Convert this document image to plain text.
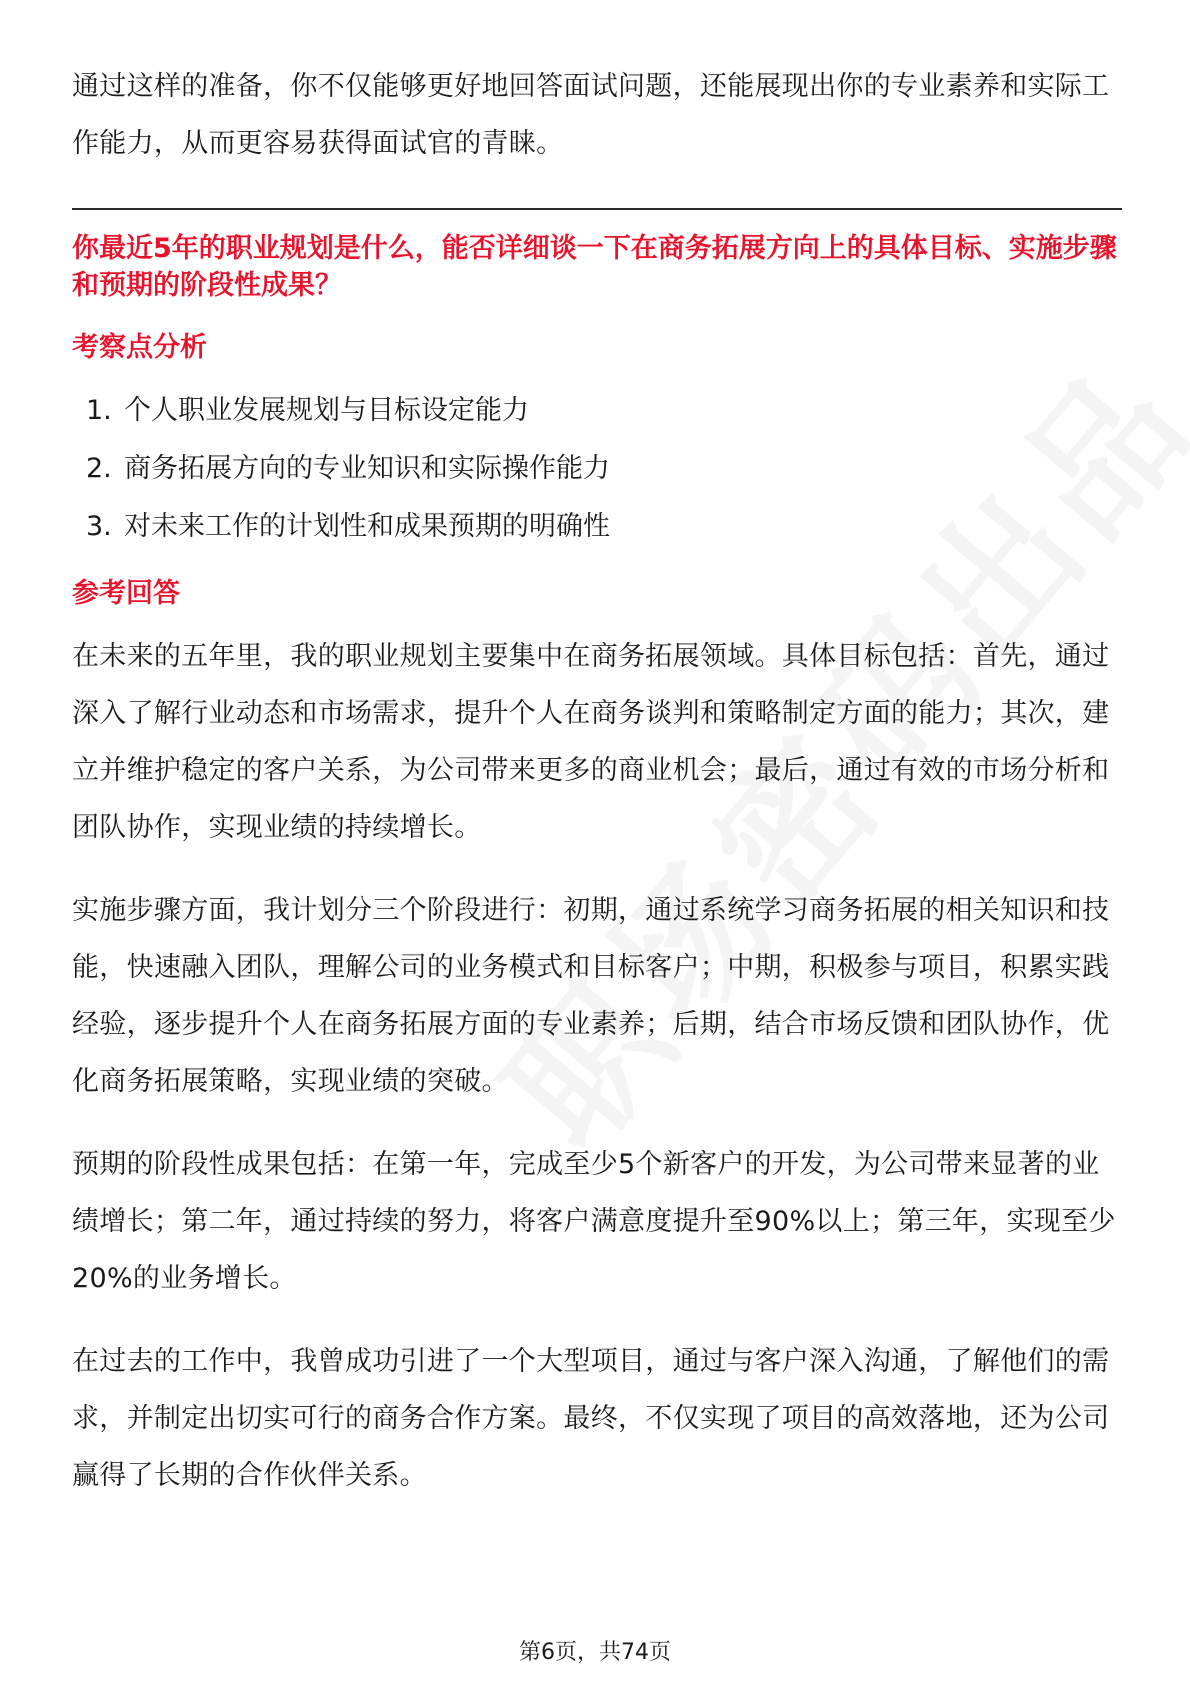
通过这样的准备，你不仅能够更好地回答面试问题，还能展现出你的专业素养和实际工作能力，从而更容易获得面试官的青睐。

你最近5年的职业规划是什么，能否详细谈一下在商务拓展方向上的具体目标、实施步骤和预期的阶段性成果？

考察点分析
1. 个人职业发展规划与目标设定能力
2. 商务拓展方向的专业知识和实际操作能力
3. 对未来工作的计划性和成果预期的明确性
参考回答

在未来的五年里，我的职业规划主要集中在商务拓展领域。具体目标包括：首先，通过深入了解行业动态和市场需求，提升个人在商务谈判和策略制定方面的能力；其次，建立并维护稳定的客户关系，为公司带来更多的商业机会；最后，通过有效的市场分析和团队协作，实现业绩的持续增长。

实施步骤方面，我计划分三个阶段进行：初期，通过系统学习商务拓展的相关知识和技能，快速融入团队，理解公司的业务模式和目标客户；中期，积极参与项目，积累实践经验，逐步提升个人在商务拓展方面的专业素养；后期，结合市场反馈和团队协作，优化商务拓展策略，实现业绩的突破。

预期的阶段性成果包括：在第一年，完成至少5个新客户的开发，为公司带来显著的业绩增长；第二年，通过持续的努力，将客户满意度提升至90%以上；第三年，实现至少20%的业务增长。

在过去的工作中，我曾成功引进了一个大型项目，通过与客户深入沟通，了解他们的需求，并制定出切实可行的商务合作方案。最终，不仅实现了项目的高效落地，还为公司赢得了长期的合作伙伴关系。

第6页，共74页
